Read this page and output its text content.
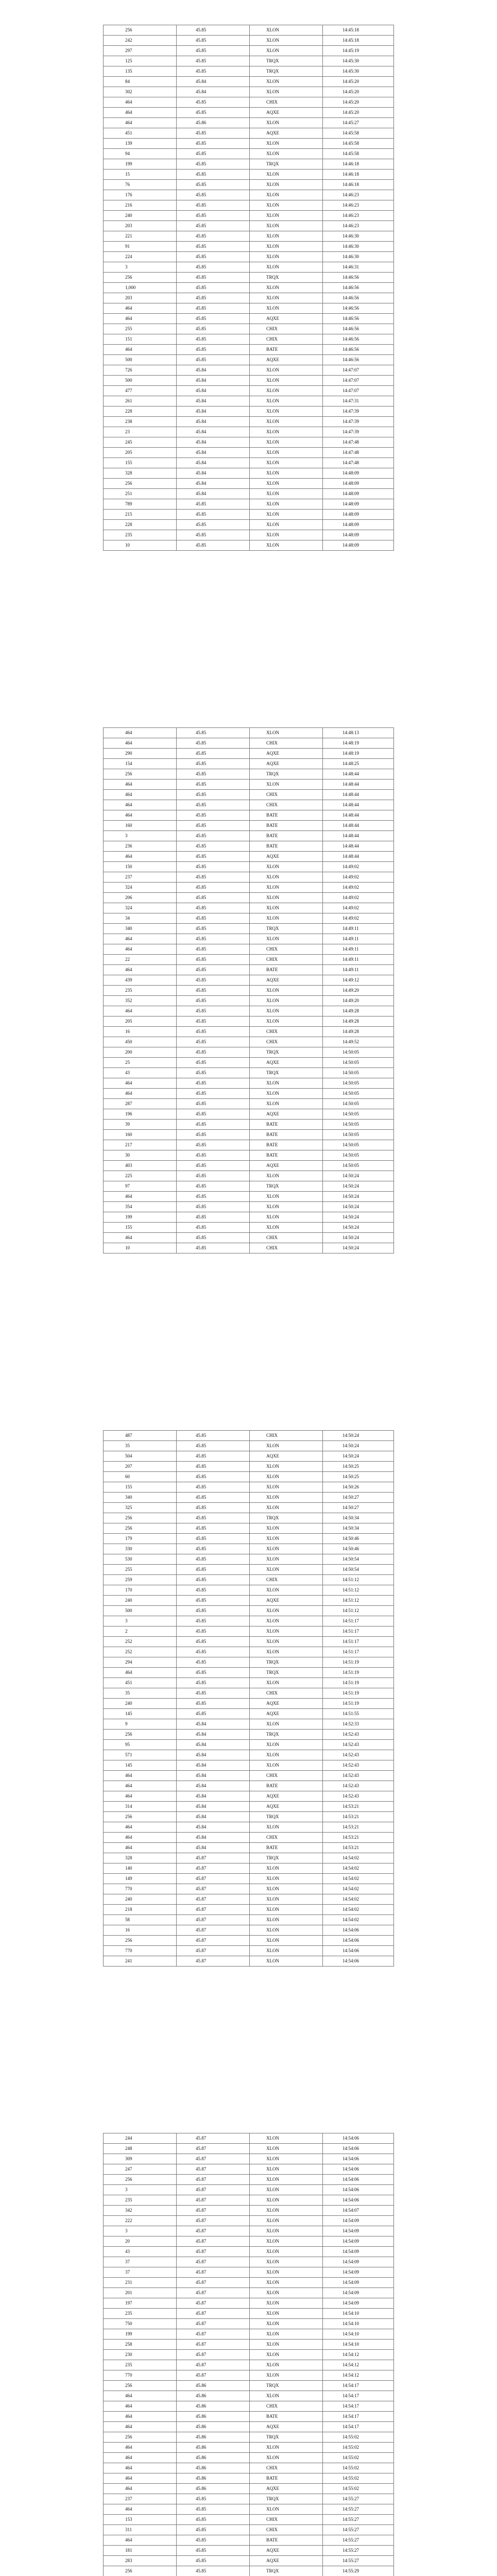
256	45.85	XLON	14:45:18
242	45.85	XLON	14:45:18
297	45.85	XLON	14:45:19
125	45.85	TRQX	14:45:30
135	45.85	TRQX	14:45:30
84	45.84	XLON	14:45:20
302	45.84	XLON	14:45:20
464	45.85	CHIX	14:45:20
464	45.85	AQXE	14:45:20
464	45.86	XLON	14:45:27
451	45.85	AQXE	14:45:58
139	45.85	XLON	14:45:58
94	45.85	XLON	14:45:58
199	45.85	TRQX	14:46:18
15	45.85	XLON	14:46:18
76	45.85	XLON	14:46:18
176	45.85	XLON	14:46:23
216	45.85	XLON	14:46:23
240	45.85	XLON	14:46:23
203	45.85	XLON	14:46:23
221	45.85	XLON	14:46:30
91	45.85	XLON	14:46:30
224	45.85	XLON	14:46:30
3	45.85	XLON	14:46:31
256	45.85	TRQX	14:46:56
1,000	45.85	XLON	14:46:56
203	45.85	XLON	14:46:56
464	45.85	XLON	14:46:56
464	45.85	AQXE	14:46:56
255	45.85	CHIX	14:46:56
151	45.85	CHIX	14:46:56
464	45.85	BATE	14:46:56
500	45.85	AQXE	14:46:56
726	45.84	XLON	14:47:07
500	45.84	XLON	14:47:07
477	45.84	XLON	14:47:07
261	45.84	XLON	14:47:31
228	45.84	XLON	14:47:39
238	45.84	XLON	14:47:39
23	45.84	XLON	14:47:39
245	45.84	XLON	14:47:48
205	45.84	XLON	14:47:48
155	45.84	XLON	14:47:48
328	45.84	XLON	14:48:09
256	45.84	XLON	14:48:09
251	45.84	XLON	14:48:09
789	45.85	XLON	14:48:09
215	45.85	XLON	14:48:09
228	45.85	XLON	14:48:09
235	45.85	XLON	14:48:09
10	45.85	XLON	14:48:09
464	45.85	XLON	14:48:13
464	45.85	CHIX	14:48:19
290	45.85	AQXE	14:48:19
154	45.85	AQXE	14:48:25
256	45.85	TRQX	14:48:44
464	45.85	XLON	14:48:44
464	45.85	CHIX	14:48:44
464	45.85	CHIX	14:48:44
464	45.85	BATE	14:48:44
160	45.85	BATE	14:48:44
3	45.85	BATE	14:48:44
236	45.85	BATE	14:48:44
464	45.85	AQXE	14:48:44
150	45.85	XLON	14:49:02
237	45.85	XLON	14:49:02
324	45.85	XLON	14:49:02
206	45.85	XLON	14:49:02
324	45.85	XLON	14:49:02
34	45.85	XLON	14:49:02
340	45.85	TRQX	14:49:11
464	45.85	XLON	14:49:11
464	45.85	CHIX	14:49:11
22	45.85	CHIX	14:49:11
464	45.85	BATE	14:49:11
439	45.85	AQXE	14:49:12
235	45.85	XLON	14:49:20
352	45.85	XLON	14:49:20
464	45.85	XLON	14:49:28
205	45.85	XLON	14:49:28
16	45.85	CHIX	14:49:28
450	45.85	CHIX	14:49:52
200	45.85	TRQX	14:50:05
25	45.85	AQXE	14:50:05
43	45.85	TRQX	14:50:05
464	45.85	XLON	14:50:05
464	45.85	XLON	14:50:05
287	45.85	XLON	14:50:05
196	45.85	AQXE	14:50:05
39	45.85	BATE	14:50:05
160	45.85	BATE	14:50:05
217	45.85	BATE	14:50:05
30	45.85	BATE	14:50:05
403	45.85	AQXE	14:50:05
225	45.85	XLON	14:50:24
97	45.85	TRQX	14:50:24
464	45.85	XLON	14:50:24
354	45.85	XLON	14:50:24
199	45.85	XLON	14:50:24
155	45.85	XLON	14:50:24
464	45.85	CHIX	14:50:24
10	45.85	CHIX	14:50:24
487	45.85	CHIX	14:50:24
35	45.85	XLON	14:50:24
504	45.85	AQXE	14:50:24
207	45.85	XLON	14:50:25
60	45.85	XLON	14:50:25
155	45.85	XLON	14:50:26
340	45.85	XLON	14:50:27
325	45.85	XLON	14:50:27
256	45.85	TRQX	14:50:34
256	45.85	XLON	14:50:34
179	45.85	XLON	14:50:46
330	45.85	XLON	14:50:46
530	45.85	XLON	14:50:54
255	45.85	XLON	14:50:54
259	45.85	CHIX	14:51:12
170	45.85	XLON	14:51:12
240	45.85	AQXE	14:51:12
500	45.85	XLON	14:51:12
3	45.85	XLON	14:51:17
2	45.85	XLON	14:51:17
252	45.85	XLON	14:51:17
252	45.85	XLON	14:51:17
294	45.85	TRQX	14:51:19
464	45.85	TRQX	14:51:19
451	45.85	XLON	14:51:19
35	45.85	CHIX	14:51:19
240	45.85	AQXE	14:51:19
145	45.85	AQXE	14:51:55
9	45.84	XLON	14:52:33
256	45.84	TRQX	14:52:43
95	45.84	XLON	14:52:43
571	45.84	XLON	14:52:43
145	45.84	XLON	14:52:43
464	45.84	CHIX	14:52:43
464	45.84	BATE	14:52:43
464	45.84	AQXE	14:52:43
314	45.84	AQXE	14:53:21
256	45.84	TRQX	14:53:21
464	45.84	XLON	14:53:21
464	45.84	CHIX	14:53:21
464	45.84	BATE	14:53:21
328	45.87	TRQX	14:54:02
140	45.87	XLON	14:54:02
149	45.87	XLON	14:54:02
770	45.87	XLON	14:54:02
240	45.87	XLON	14:54:02
218	45.87	XLON	14:54:02
58	45.87	XLON	14:54:02
16	45.87	XLON	14:54:06
256	45.87	XLON	14:54:06
770	45.87	XLON	14:54:06
241	45.87	XLON	14:54:06
244	45.87	XLON	14:54:06
248	45.87	XLON	14:54:06
309	45.87	XLON	14:54:06
247	45.87	XLON	14:54:06
256	45.87	XLON	14:54:06
3	45.87	XLON	14:54:06
235	45.87	XLON	14:54:06
342	45.87	XLON	14:54:07
222	45.87	XLON	14:54:09
3	45.87	XLON	14:54:09
20	45.87	XLON	14:54:09
43	45.87	XLON	14:54:09
37	45.87	XLON	14:54:09
37	45.87	XLON	14:54:09
231	45.87	XLON	14:54:09
201	45.87	XLON	14:54:09
197	45.87	XLON	14:54:09
235	45.87	XLON	14:54:10
750	45.87	XLON	14:54:10
199	45.87	XLON	14:54:10
258	45.87	XLON	14:54:10
230	45.87	XLON	14:54:12
235	45.87	XLON	14:54:12
770	45.87	XLON	14:54:12
256	45.86	TRQX	14:54:17
464	45.86	XLON	14:54:17
464	45.86	CHIX	14:54:17
464	45.86	BATE	14:54:17
464	45.86	AQXE	14:54:17
256	45.86	TRQX	14:55:02
464	45.86	XLON	14:55:02
464	45.86	XLON	14:55:02
464	45.86	CHIX	14:55:02
464	45.86	BATE	14:55:02
464	45.86	AQXE	14:55:02
237	45.85	TRQX	14:55:27
464	45.85	XLON	14:55:27
153	45.85	CHIX	14:55:27
311	45.85	CHIX	14:55:27
464	45.85	BATE	14:55:27
181	45.85	AQXE	14:55:27
283	45.85	AQXE	14:55:27
256	45.85	TRQX	14:55:29
